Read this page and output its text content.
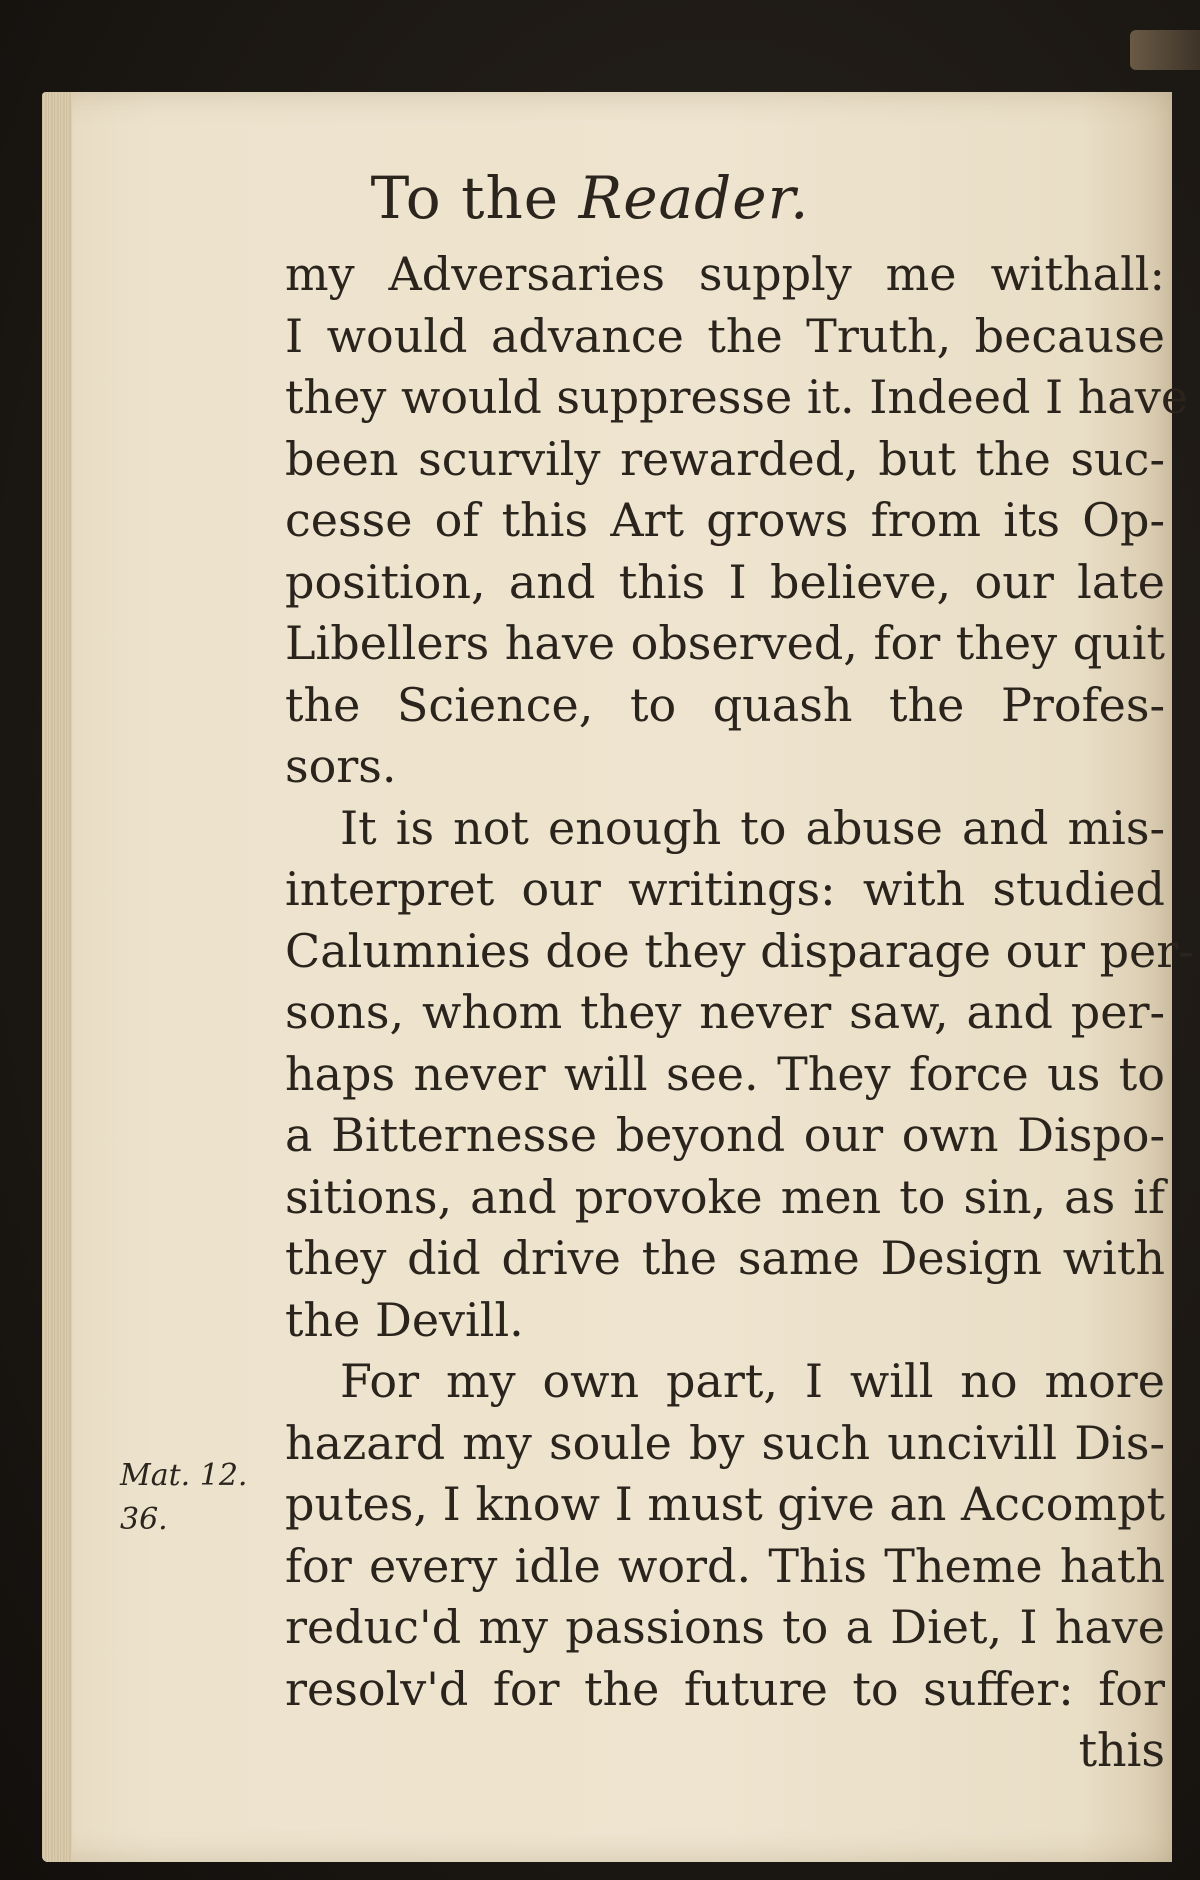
To the Reader.
Mat. 12.
36.
my Adversaries supply me withall:
I would advance the Truth, because
they would suppresse it. Indeed I have
been scurvily rewarded, but the suc-
cesse of this Art grows from its Op-
position, and this I believe, our late
Libellers have observed, for they quit
the Science, to quash the Profes-
sors.
It is not enough to abuse and mis-
interpret our writings: with studied
Calumnies doe they disparage our per-
sons, whom they never saw, and per-
haps never will see. They force us to
a Bitternesse beyond our own Dispo-
sitions, and provoke men to sin, as if
they did drive the same Design with
the Devill.
For my own part, I will no more
hazard my soule by such uncivill Dis-
putes, I know I must give an Accompt
for every idle word. This Theme hath
reduc'd my passions to a Diet, I have
resolv'd for the future to suffer: for
this
